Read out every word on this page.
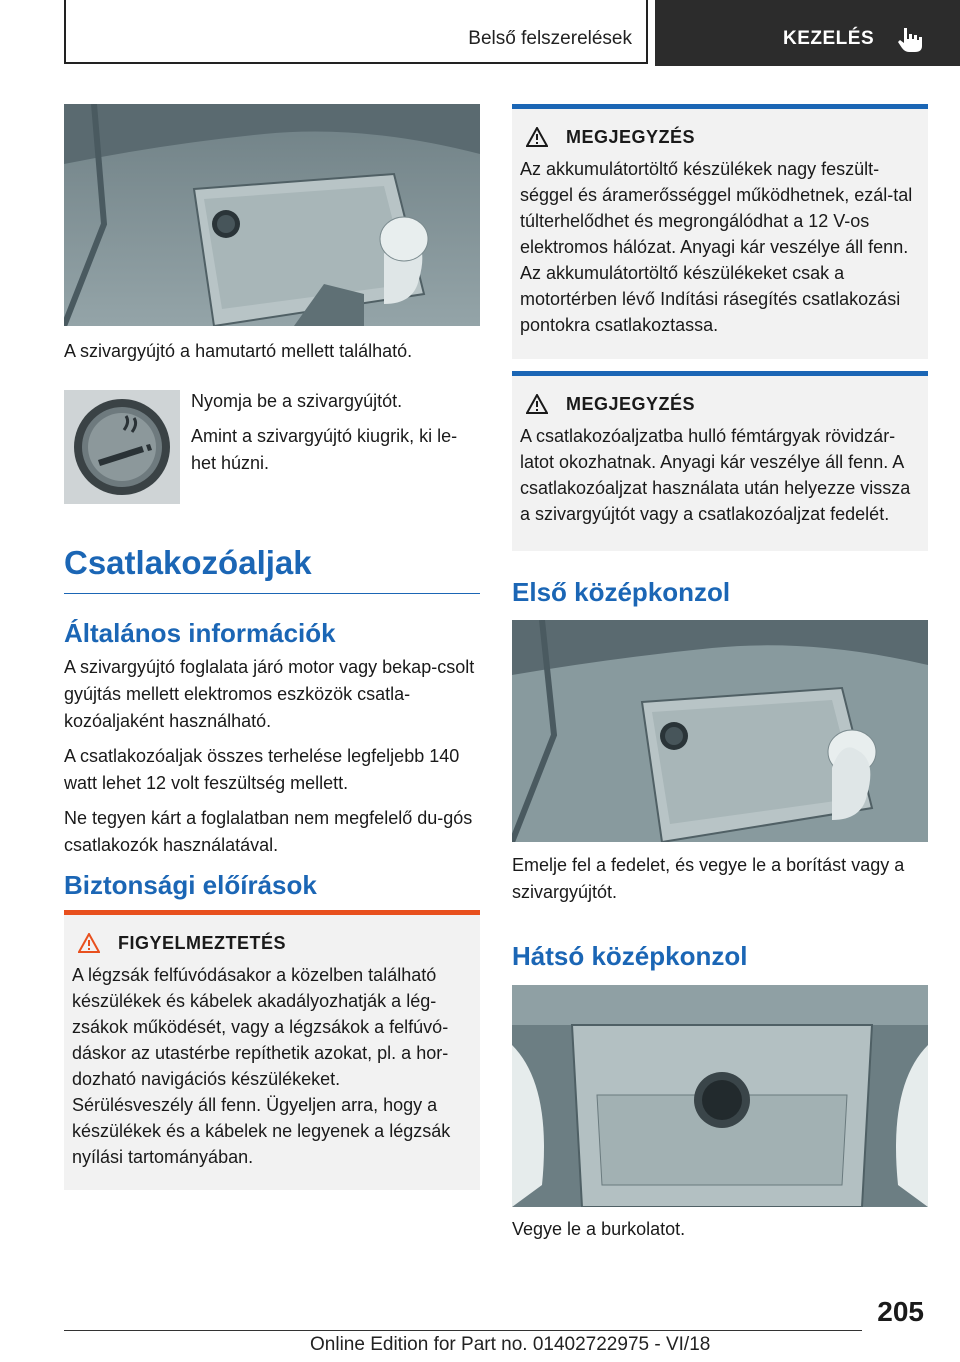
Belső felszerelések	KEZELÉS
A szivargyújtó a hamutartó mellett található.

Nyomja be a szivargyújtót.

Amint a szivargyújtó kiugrik, ki le-het húzni.

Csatlakozóaljak
Általános információk

A szivargyújtó foglalata járó motor vagy bekap-csolt gyújtás mellett elektromos eszközök csatla-kozóaljaként használható.

A csatlakozóaljak összes terhelése legfeljebb 140 watt lehet 12 volt feszültség mellett.

Ne tegyen kárt a foglalatban nem megfelelő du-gós csatlakozók használatával.

Biztonsági előírások
FIGYELMEZTETÉS

A légzsák felfúvódásakor a közelben található készülékek és kábelek akadályozhatják a lég-zsákok működését, vagy a légzsákok a felfúvó-dáskor az utastérbe repíthetik azokat, pl. a hor-dozható navigációs készülékeket.

Sérülésveszély áll fenn. Ügyeljen arra, hogy a készülékek és a kábelek ne legyenek a légzsák nyílási tartományában.

MEGJEGYZÉS

Az akkumulátortöltő készülékek nagy feszült-séggel és áramerősséggel működhetnek, ezál-tal túlterhelődhet és megrongálódhat a 12 V-os elektromos hálózat. Anyagi kár veszélye áll fenn. Az akkumulátortöltő készülékeket csak a motortérben lévő Indítási rásegítés csatlakozási pontokra csatlakoztassa.

MEGJEGYZÉS

A csatlakozóaljzatba hulló fémtárgyak rövidzár-latot okozhatnak. Anyagi kár veszélye áll fenn. A csatlakozóaljzat használata után helyezze vissza a szivargyújtót vagy a csatlakozóaljzat fedelét.

Első középkonzol
Emelje fel a fedelet, és vegye le a borítást vagy a szivargyújtót.
Hátsó középkonzol
Vegye le a burkolatot.
205
Online Edition for Part no. 01402722975 - VI/18
